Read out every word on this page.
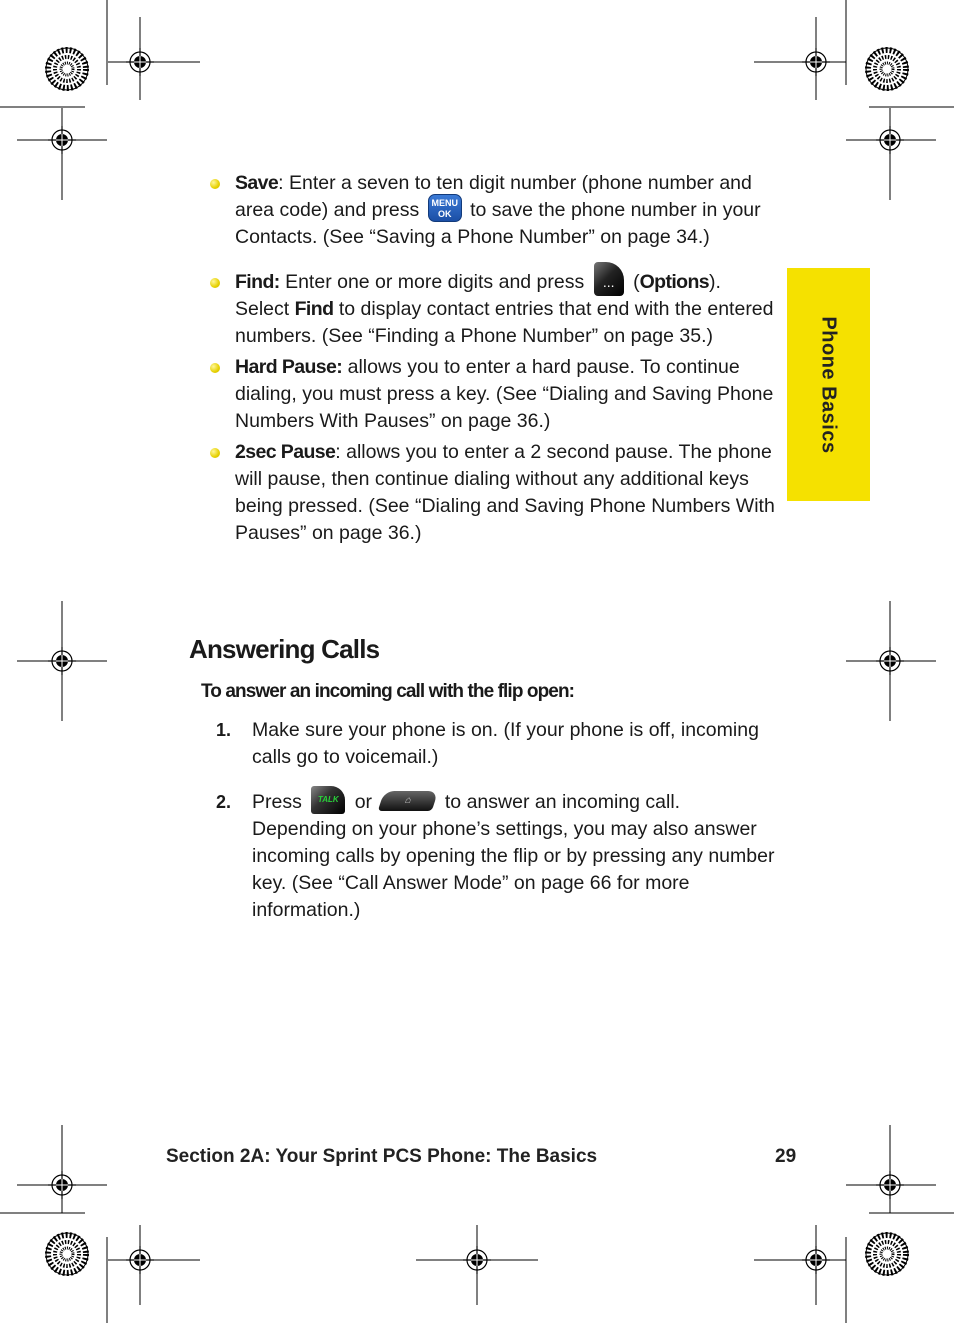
Phone Basics
Save: Enter a seven to ten digit number (phone number and area code) and press MENU OK to save the phone number in your Contacts. (See “Saving a Phone Number” on page 34.)
Find: Enter one or more digits and press ... (Options). Select Find to display contact entries that end with the entered numbers. (See “Finding a Phone Number” on page 35.)
Hard Pause: allows you to enter a hard pause. To continue dialing, you must press a key. (See “Dialing and Saving Phone Numbers With Pauses” on page 36.)
2sec Pause: allows you to enter a 2 second pause. The phone will pause, then continue dialing without any additional keys being pressed. (See “Dialing and Saving Phone Numbers With Pauses” on page 36.)
Answering Calls
To answer an incoming call with the flip open:
1. Make sure your phone is on. (If your phone is off, incoming calls go to voicemail.)
2. Press TALK or	⌂ to answer an incoming call. Depending on your phone’s settings, you may also answer incoming calls by opening the flip or by pressing any number key. (See “Call Answer Mode” on page 66 for more information.)
Section 2A: Your Sprint PCS Phone: The Basics	29
